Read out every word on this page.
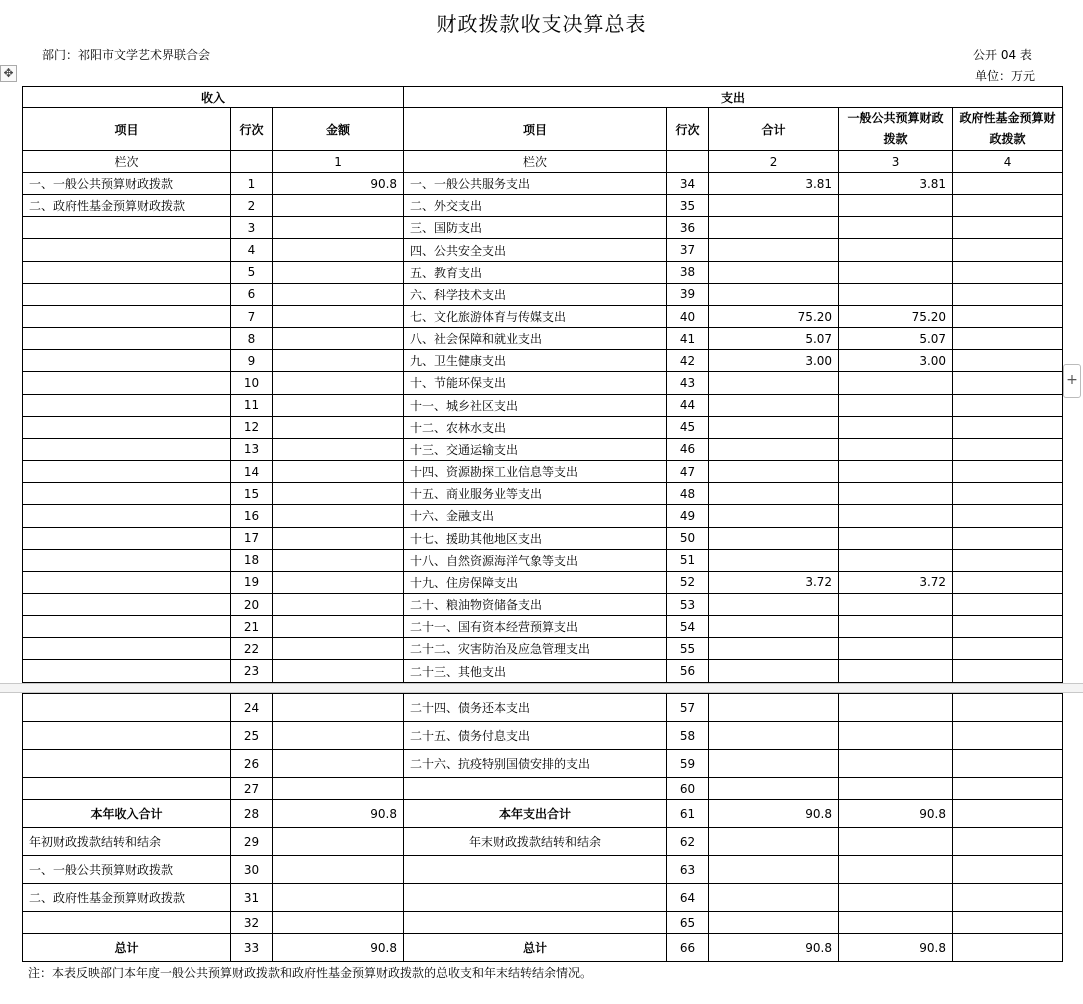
财政拨款收支决算总表
部门：祁阳市文学艺术界联合会	公开 04 表
单位：万元
✥
+
收入			支出				
项目	行次	金额	项目	行次	合计	一般公共预算财政拨款	政府性基金预算财政拨款
栏次		1	栏次		2	3	4
一、一般公共预算财政拨款	1	90.8	一、一般公共服务支出	34	3.81	3.81	
二、政府性基金预算财政拨款	2		二、外交支出	35			
	3		三、国防支出	36			
	4		四、公共安全支出	37			
	5		五、教育支出	38			
	6		六、科学技术支出	39			
	7		七、文化旅游体育与传媒支出	40	75.20	75.20	
	8		八、社会保障和就业支出	41	5.07	5.07	
	9		九、卫生健康支出	42	3.00	3.00	
	10		十、节能环保支出	43			
	11		十一、城乡社区支出	44			
	12		十二、农林水支出	45			
	13		十三、交通运输支出	46			
	14		十四、资源勘探工业信息等支出	47			
	15		十五、商业服务业等支出	48			
	16		十六、金融支出	49			
	17		十七、援助其他地区支出	50			
	18		十八、自然资源海洋气象等支出	51			
	19		十九、住房保障支出	52	3.72	3.72	
	20		二十、粮油物资储备支出	53			
	21		二十一、国有资本经营预算支出	54			
	22		二十二、灾害防治及应急管理支出	55			
	23		二十三、其他支出	56			
	24		二十四、债务还本支出	57			
	25		二十五、债务付息支出	58			
	26		二十六、抗疫特别国债安排的支出	59			
	27			60			
本年收入合计	28	90.8	本年支出合计	61	90.8	90.8	
年初财政拨款结转和结余	29		年末财政拨款结转和结余	62			
一、一般公共预算财政拨款	30			63			
二、政府性基金预算财政拨款	31			64			
	32			65			
总计	33	90.8	总计	66	90.8	90.8	
注：本表反映部门本年度一般公共预算财政拨款和政府性基金预算财政拨款的总收支和年末结转结余情况。
